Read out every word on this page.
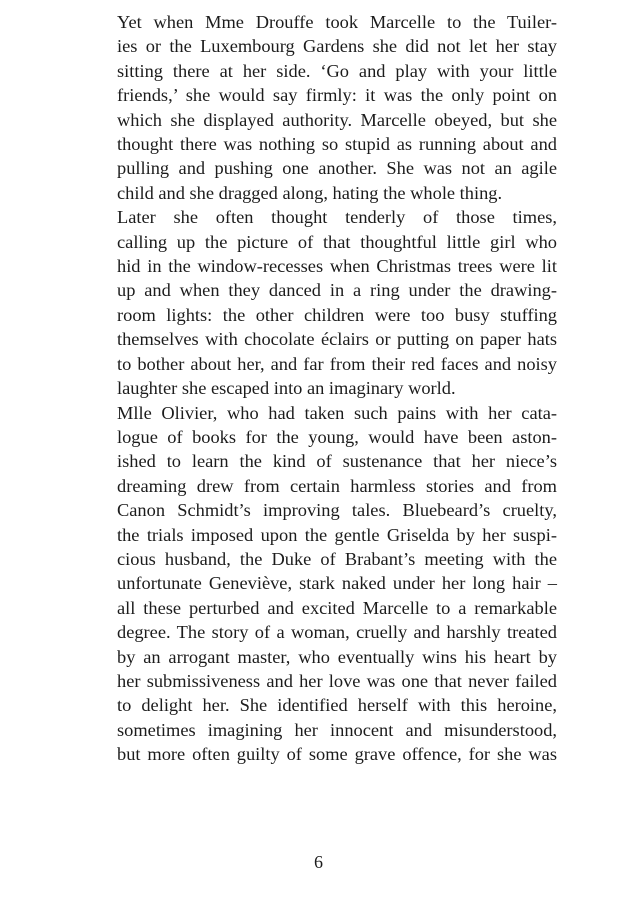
Yet when Mme Drouffe took Marcelle to the Tuiler-
ies or the Luxembourg Gardens she did not let her stay
sitting there at her side. ‘Go and play with your little
friends,’ she would say firmly: it was the only point on
which she displayed authority. Marcelle obeyed, but she
thought there was nothing so stupid as running about and
pulling and pushing one another. She was not an agile
child and she dragged along, hating the whole thing.

Later she often thought tenderly of those times,
calling up the picture of that thoughtful little girl who
hid in the window-recesses when Christmas trees were lit
up and when they danced in a ring under the drawing-
room lights: the other children were too busy stuffing
themselves with chocolate éclairs or putting on paper hats
to bother about her, and far from their red faces and noisy
laughter she escaped into an imaginary world.

Mlle Olivier, who had taken such pains with her cata-
logue of books for the young, would have been aston-
ished to learn the kind of sustenance that her niece’s
dreaming drew from certain harmless stories and from
Canon Schmidt’s improving tales. Bluebeard’s cruelty,
the trials imposed upon the gentle Griselda by her suspi-
cious husband, the Duke of Brabant’s meeting with the
unfortunate Geneviève, stark naked under her long hair –
all these perturbed and excited Marcelle to a remarkable
degree. The story of a woman, cruelly and harshly treated
by an arrogant master, who eventually wins his heart by
her submissiveness and her love was one that never failed
to delight her. She identified herself with this heroine,
sometimes imagining her innocent and misunderstood,
but more often guilty of some grave offence, for she was

6
